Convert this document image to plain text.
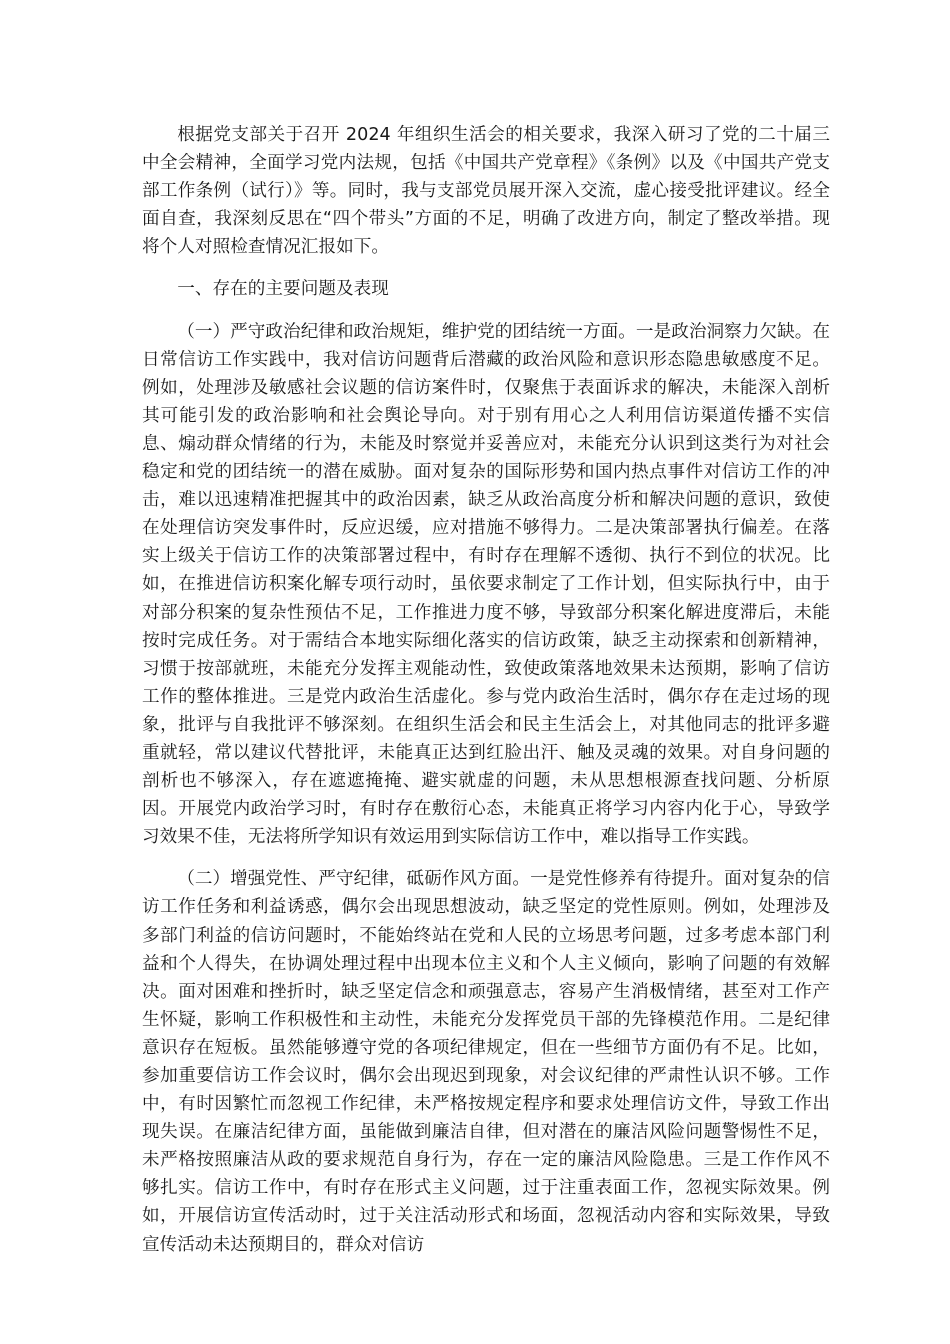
根据党支部关于召开 2024 年组织生活会的相关要求，我深入研习了党的二十届三中全会精神，全面学习党内法规，包括《中国共产党章程》《条例》以及《中国共产党支部工作条例（试行）》等。同时，我与支部党员展开深入交流，虚心接受批评建议。经全面自查，我深刻反思在“四个带头”方面的不足，明确了改进方向，制定了整改举措。现将个人对照检查情况汇报如下。

一、存在的主要问题及表现

（一）严守政治纪律和政治规矩，维护党的团结统一方面。一是政治洞察力欠缺。在日常信访工作实践中，我对信访问题背后潜藏的政治风险和意识形态隐患敏感度不足。例如，处理涉及敏感社会议题的信访案件时，仅聚焦于表面诉求的解决，未能深入剖析其可能引发的政治影响和社会舆论导向。对于别有用心之人利用信访渠道传播不实信息、煽动群众情绪的行为，未能及时察觉并妥善应对，未能充分认识到这类行为对社会稳定和党的团结统一的潜在威胁。面对复杂的国际形势和国内热点事件对信访工作的冲击，难以迅速精准把握其中的政治因素，缺乏从政治高度分析和解决问题的意识，致使在处理信访突发事件时，反应迟缓，应对措施不够得力。二是决策部署执行偏差。在落实上级关于信访工作的决策部署过程中，有时存在理解不透彻、执行不到位的状况。比如，在推进信访积案化解专项行动时，虽依要求制定了工作计划，但实际执行中，由于对部分积案的复杂性预估不足，工作推进力度不够，导致部分积案化解进度滞后，未能按时完成任务。对于需结合本地实际细化落实的信访政策，缺乏主动探索和创新精神，习惯于按部就班，未能充分发挥主观能动性，致使政策落地效果未达预期，影响了信访工作的整体推进。三是党内政治生活虚化。参与党内政治生活时，偶尔存在走过场的现象，批评与自我批评不够深刻。在组织生活会和民主生活会上，对其他同志的批评多避重就轻，常以建议代替批评，未能真正达到红脸出汗、触及灵魂的效果。对自身问题的剖析也不够深入，存在遮遮掩掩、避实就虚的问题，未从思想根源查找问题、分析原因。开展党内政治学习时，有时存在敷衍心态，未能真正将学习内容内化于心，导致学习效果不佳，无法将所学知识有效运用到实际信访工作中，难以指导工作实践。

（二）增强党性、严守纪律，砥砺作风方面。一是党性修养有待提升。面对复杂的信访工作任务和利益诱惑，偶尔会出现思想波动，缺乏坚定的党性原则。例如，处理涉及多部门利益的信访问题时，不能始终站在党和人民的立场思考问题，过多考虑本部门利益和个人得失，在协调处理过程中出现本位主义和个人主义倾向，影响了问题的有效解决。面对困难和挫折时，缺乏坚定信念和顽强意志，容易产生消极情绪，甚至对工作产生怀疑，影响工作积极性和主动性，未能充分发挥党员干部的先锋模范作用。二是纪律意识存在短板。虽然能够遵守党的各项纪律规定，但在一些细节方面仍有不足。比如，参加重要信访工作会议时，偶尔会出现迟到现象，对会议纪律的严肃性认识不够。工作中，有时因繁忙而忽视工作纪律，未严格按规定程序和要求处理信访文件，导致工作出现失误。在廉洁纪律方面，虽能做到廉洁自律，但对潜在的廉洁风险问题警惕性不足，未严格按照廉洁从政的要求规范自身行为，存在一定的廉洁风险隐患。三是工作作风不够扎实。信访工作中，有时存在形式主义问题，过于注重表面工作，忽视实际效果。例如，开展信访宣传活动时，过于关注活动形式和场面，忽视活动内容和实际效果，导致宣传活动未达预期目的，群众对信访
